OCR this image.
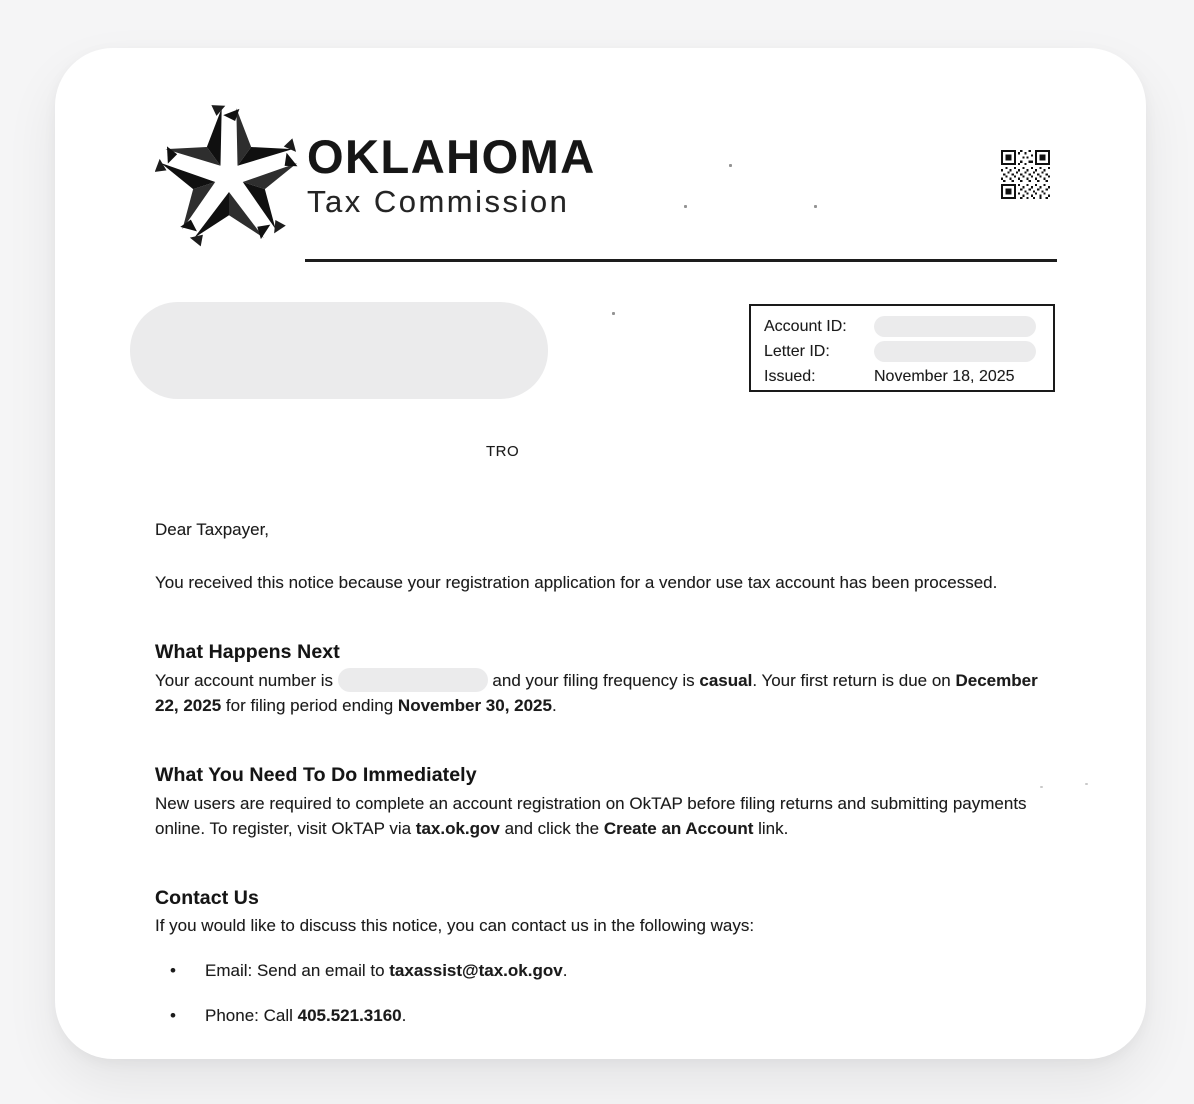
OKLAHOMA
Tax Commission
Account ID:
Letter ID:
Issued:	November 18, 2025
TRO

Dear Taxpayer,

You received this notice because your registration application for a vendor use tax account has been processed.

What Happens Next

Your account number is	and your filing frequency is casual. Your first return is due on December 22, 2025 for filing period ending November 30, 2025.

What You Need To Do Immediately

New users are required to complete an account registration on OkTAP before filing returns and submitting payments online. To register, visit OkTAP via tax.ok.gov and click the Create an Account link.

Contact Us

If you would like to discuss this notice, you can contact us in the following ways:

•	Email: Send an email to taxassist@tax.ok.gov.
•	Phone: Call 405.521.3160.
